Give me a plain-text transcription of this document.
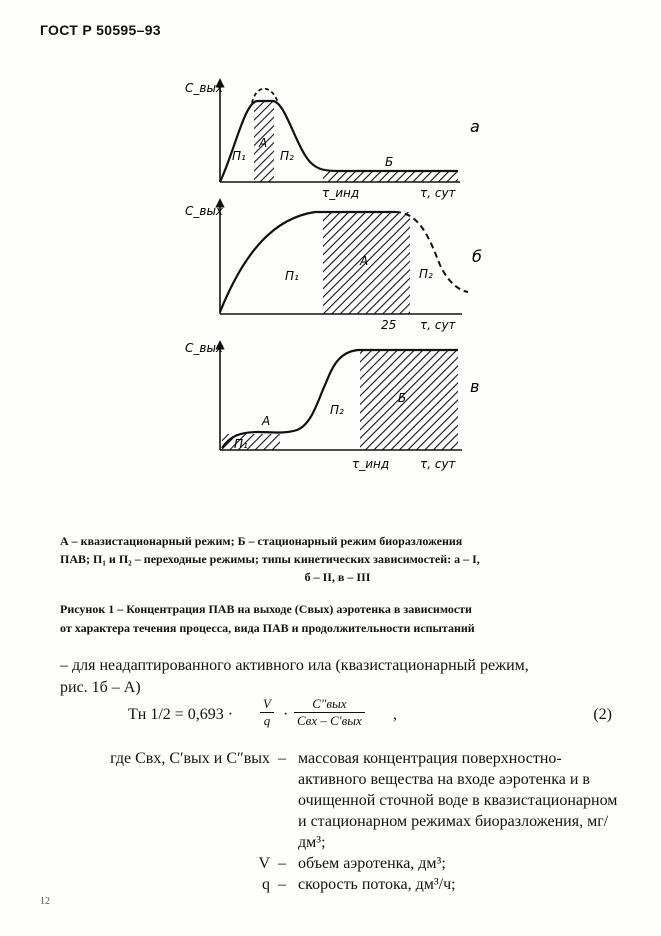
ГОСТ Р 50595–93
C_вых
П₁
A
П₂	Б
τ_инд	τ, сут
a
C_вых
П₁
A
П₂
25 τ, сут
б
C_вых
П₁
A
П₂
Б
τ_инд	τ, сут
в
А – квазистационарный режим; Б – стационарный режим биоразложения
ПАВ; П₁ и П₂ – переходные режимы; типы кинетических зависимостей: а – I,
б – II, в – III
Рисунок 1 – Концентрация ПАВ на выходе (Cвых) аэротенка в зависимости
от характера течения процесса, вида ПАВ и продолжительности испытаний
– для неадаптированного активного ила (квазистационарный режим,
рис. 1б – А)
Tн $1/2 = 0,693 \cdot \frac{V}{q}$ ·
C″вых
Cвх – C′вых ,	(2)
где Cвх, C′вых и C″вых – массовая концентрация поверхностно-активного вещества на входе аэротенка и в очищенной сточной воде в квазистационарном и стационарном режимах биоразложения, мг/дм³;
V – объем аэротенка, дм³;
q – скорость потока, дм³/ч;
12
